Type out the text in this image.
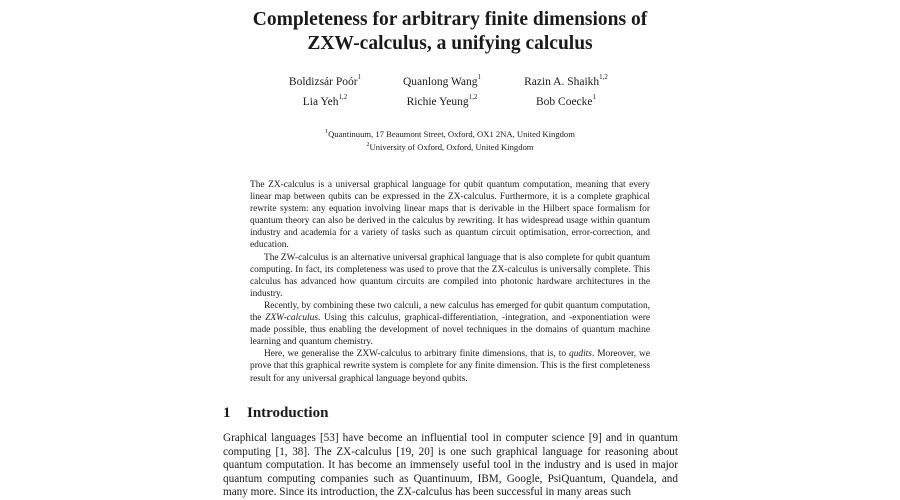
Completeness for arbitrary finite dimensions of
ZXW-calculus, a unifying calculus
Boldizsár Poór$^1$	Quanlong Wang$^1$	Razin A. Shaikh$^{1,2}$
Lia Yeh$^{1,2}$	Richie Yeung$^{1,2}$	Bob Coecke$^1$
$^1$Quantinuum, 17 Beaumont Street, Oxford, OX1 2NA, United Kingdom
$^2$University of Oxford, Oxford, United Kingdom

The ZX-calculus is a universal graphical language for qubit quantum computation, meaning that every linear map between qubits can be expressed in the ZX-calculus. Furthermore, it is a complete graphical rewrite system: any equation involving linear maps that is derivable in the Hilbert space formalism for quantum theory can also be derived in the calculus by rewriting. It has widespread usage within quantum industry and academia for a variety of tasks such as quantum circuit optimisation, error-correction, and education.

The ZW-calculus is an alternative universal graphical language that is also complete for qubit quantum computing. In fact, its completeness was used to prove that the ZX-calculus is universally complete. This calculus has advanced how quantum circuits are compiled into photonic hardware architectures in the industry.

Recently, by combining these two calculi, a new calculus has emerged for qubit quantum computation, the ZXW-calculus. Using this calculus, graphical-differentiation, -integration, and -exponentiation were made possible, thus enabling the development of novel techniques in the domains of quantum machine learning and quantum chemistry.

Here, we generalise the ZXW-calculus to arbitrary finite dimensions, that is, to qudits. Moreover, we prove that this graphical rewrite system is complete for any finite dimension. This is the first completeness result for any universal graphical language beyond qubits.

1 Introduction

Graphical languages [53] have become an influential tool in computer science [9] and in quantum computing [1, 38]. The ZX-calculus [19, 20] is one such graphical language for reasoning about quantum computation. It has become an immensely useful tool in the industry and is used in major quantum computing companies such as Quantinuum, IBM, Google, PsiQuantum, Quandela, and many more. Since its introduction, the ZX-calculus has been successful in many areas such
